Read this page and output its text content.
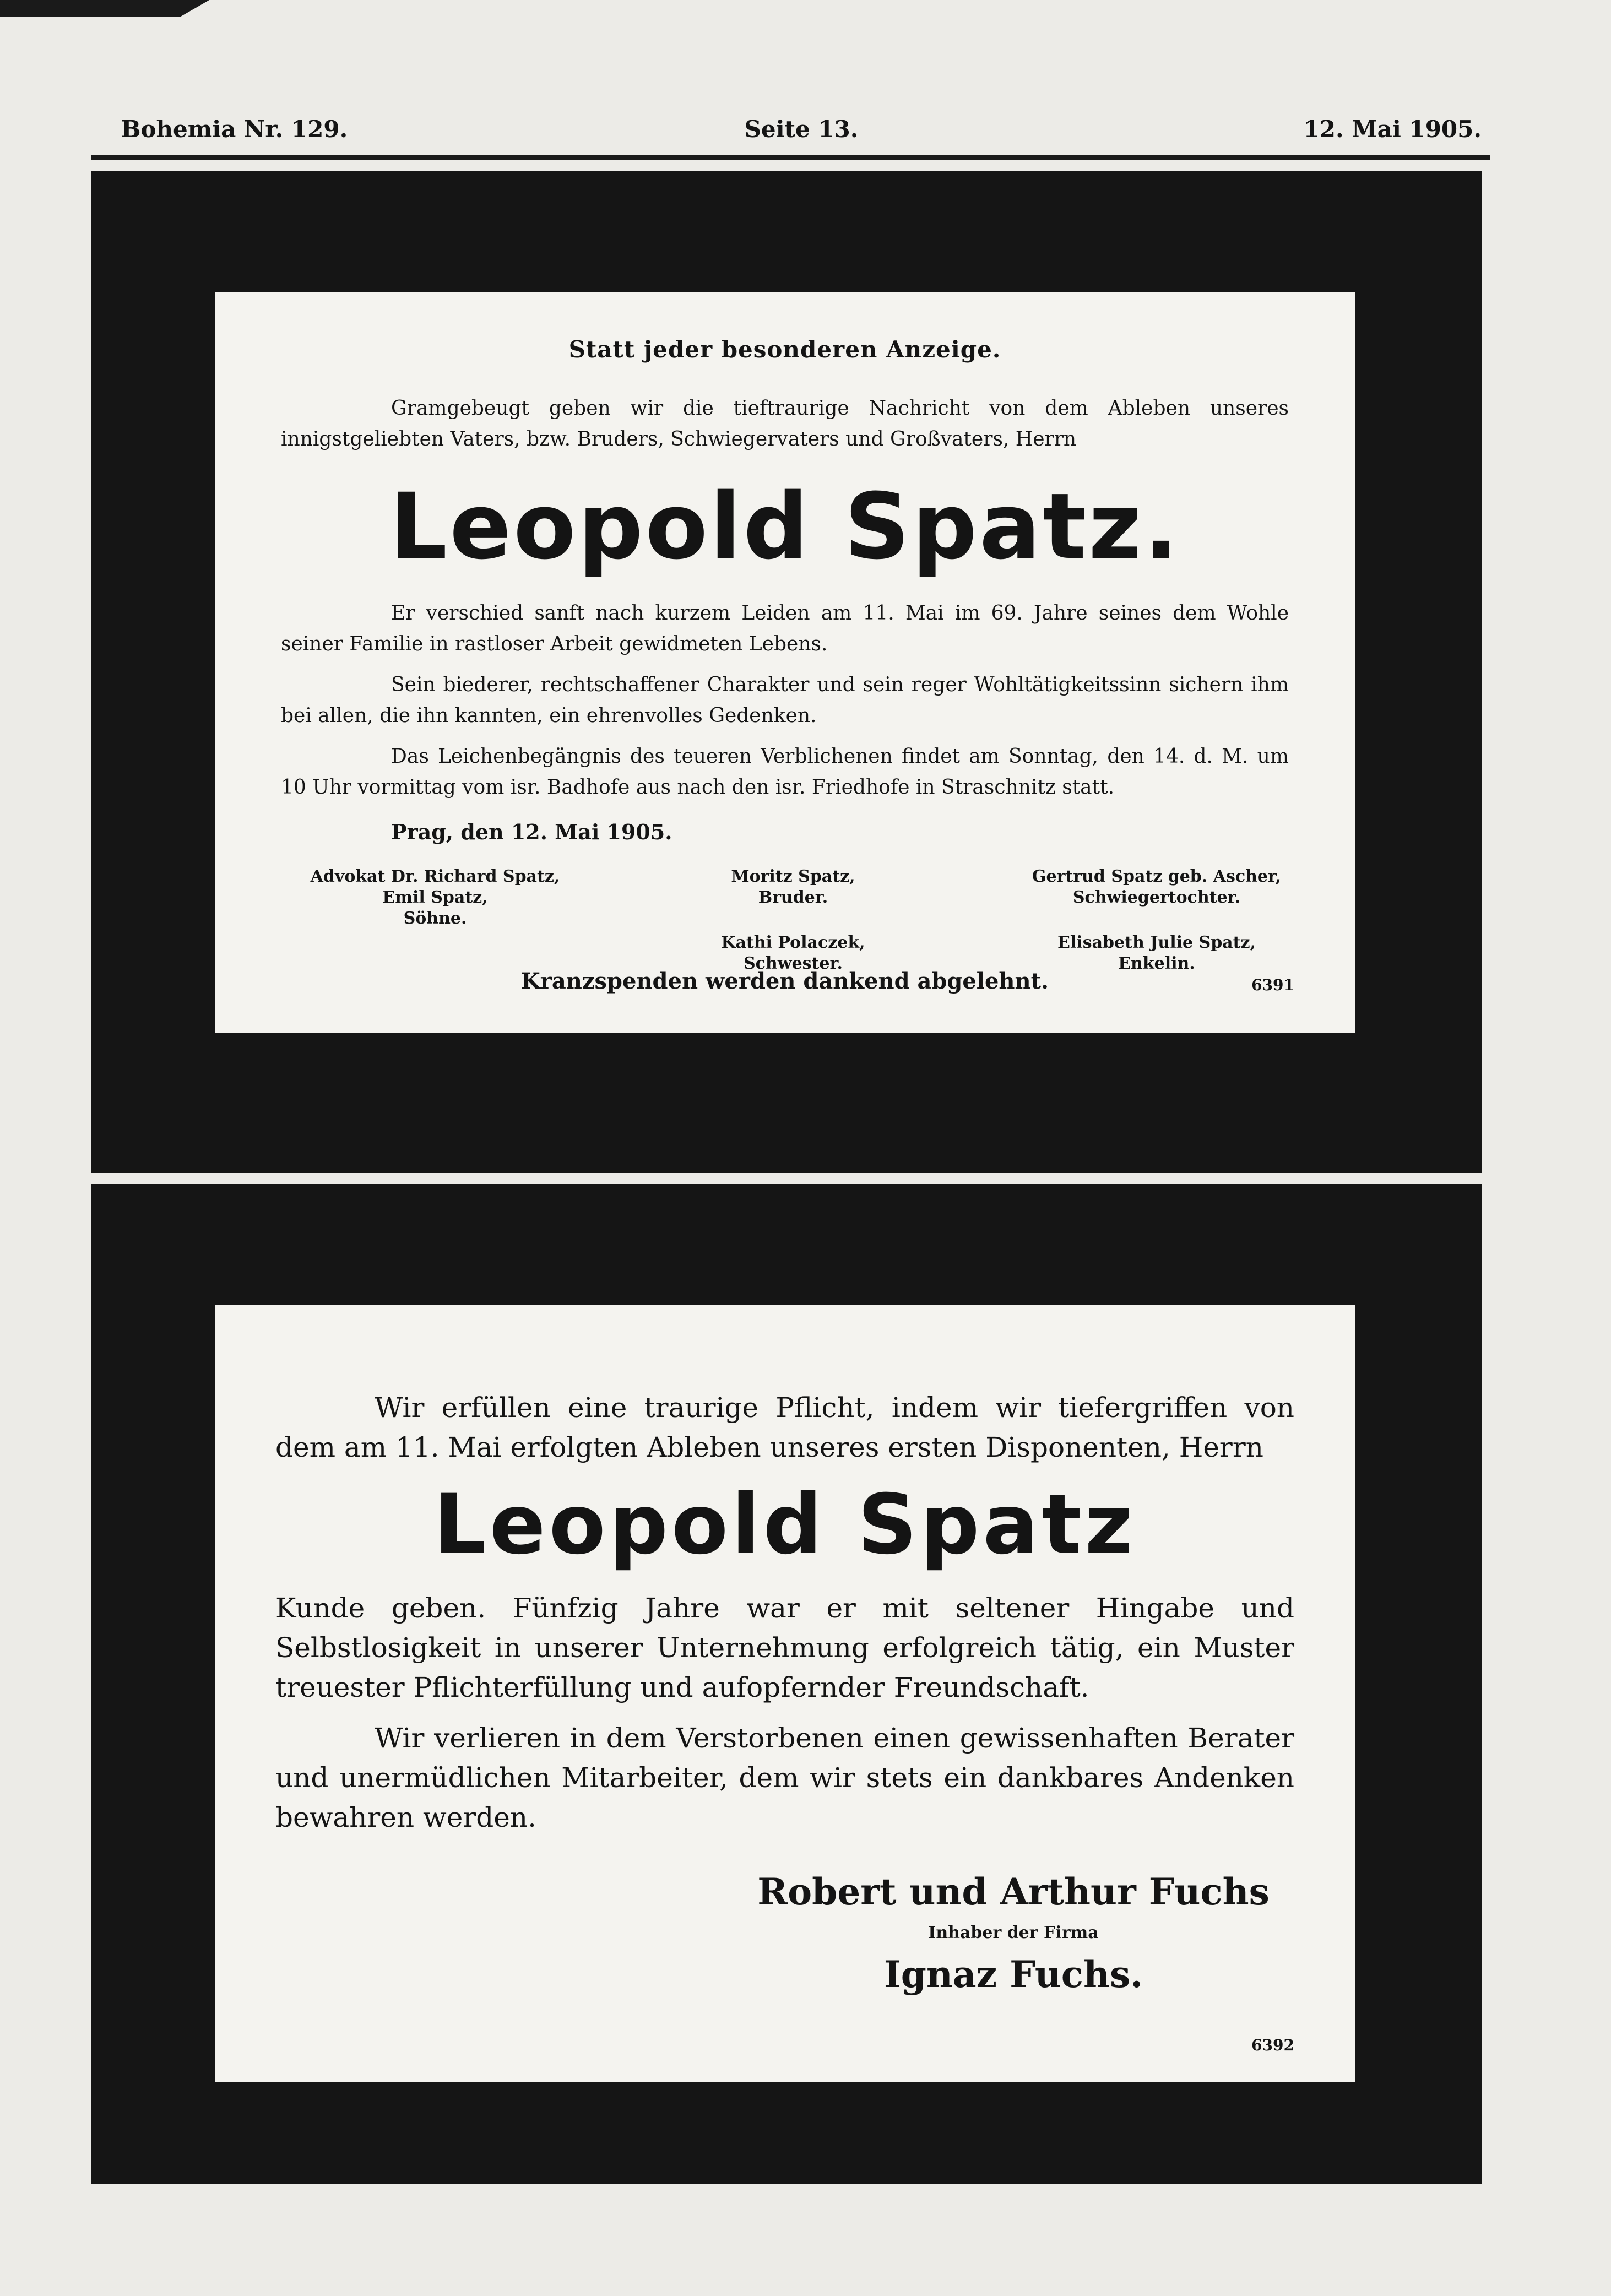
Bohemia Nr. 129.	Seite 13.	12. Mai 1905.
Statt jeder besonderen Anzeige.

Gramgebeugt geben wir die tieftraurige Nachricht von dem Ableben unseres innigstgeliebten Vaters, bzw. Bruders, Schwiegervaters und Großvaters, Herrn

Leopold Spatz.

Er verschied sanft nach kurzem Leiden am 11. Mai im 69. Jahre seines dem Wohle seiner Familie in rastloser Arbeit gewidmeten Lebens.

Sein biederer, rechtschaffener Charakter und sein reger Wohltätigkeitssinn sichern ihm bei allen, die ihn kannten, ein ehrenvolles Gedenken.

Das Leichenbegängnis des teueren Verblichenen findet am Sonntag, den 14. d. M. um 10 Uhr vormittag vom isr. Badhofe aus nach den isr. Friedhofe in Straschnitz statt.

Prag, den 12. Mai 1905.
Advokat Dr. Richard Spatz,
Emil Spatz,
Söhne.
Moritz Spatz,
Bruder.
Kathi Polaczek,
Schwester.
Gertrud Spatz geb. Ascher,
Schwiegertochter.
Elisabeth Julie Spatz,
Enkelin.
Kranzspenden werden dankend abgelehnt.	6391

Wir erfüllen eine traurige Pflicht, indem wir tiefergriffen von dem am 11. Mai erfolgten Ableben unseres ersten Disponenten, Herrn

Leopold Spatz

Kunde geben. Fünfzig Jahre war er mit seltener Hingabe und Selbstlosigkeit in unserer Unternehmung erfolgreich tätig, ein Muster treuester Pflichterfüllung und aufopfernder Freundschaft.

Wir verlieren in dem Verstorbenen einen gewissenhaften Berater und unermüdlichen Mitarbeiter, dem wir stets ein dankbares Andenken bewahren werden.

Robert und Arthur Fuchs
Inhaber der Firma
Ignaz Fuchs.
6392
